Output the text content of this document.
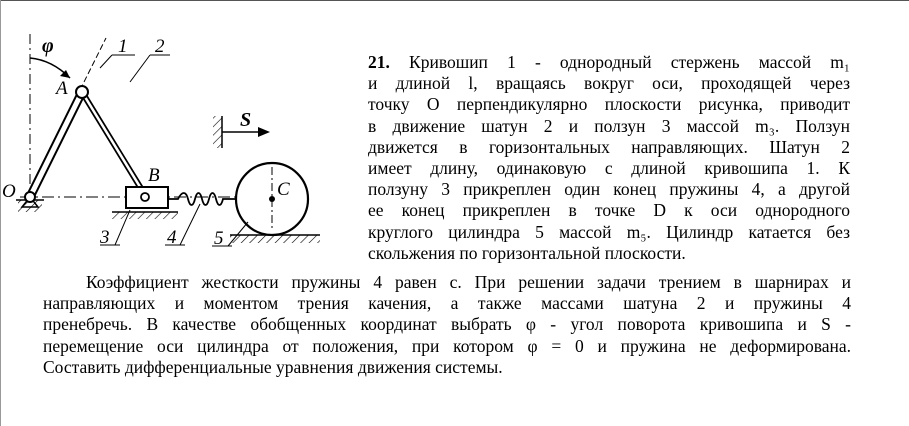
φ	1 2
A
B
O	C
S
3	4 5
21. Кривошип 1 - однородный стержень массой m₁
и длиной l, вращаясь вокруг оси, проходящей через
точку O перпендикулярно плоскости рисунка, приводит
в движение шатун 2 и ползун 3 массой m₃. Ползун
движется в горизонтальных направляющих. Шатун 2
имеет длину, одинаковую с длиной кривошипа 1. К
ползуну 3 прикреплен один конец пружины 4, а другой
ее конец прикреплен в точке D к оси однородного
круглого цилиндра 5 массой m₅. Цилиндр катается без
скольжения по горизонтальной плоскости.
Коэффициент жесткости пружины 4 равен c. При решении задачи трением в шарнирах и
направляющих и моментом трения качения, а также массами шатуна 2 и пружины 4
пренебречь. В качестве обобщенных координат выбрать φ - угол поворота кривошипа и S -
перемещение оси цилиндра от положения, при котором φ = 0 и пружина не деформирована.
Составить дифференциальные уравнения движения системы.
